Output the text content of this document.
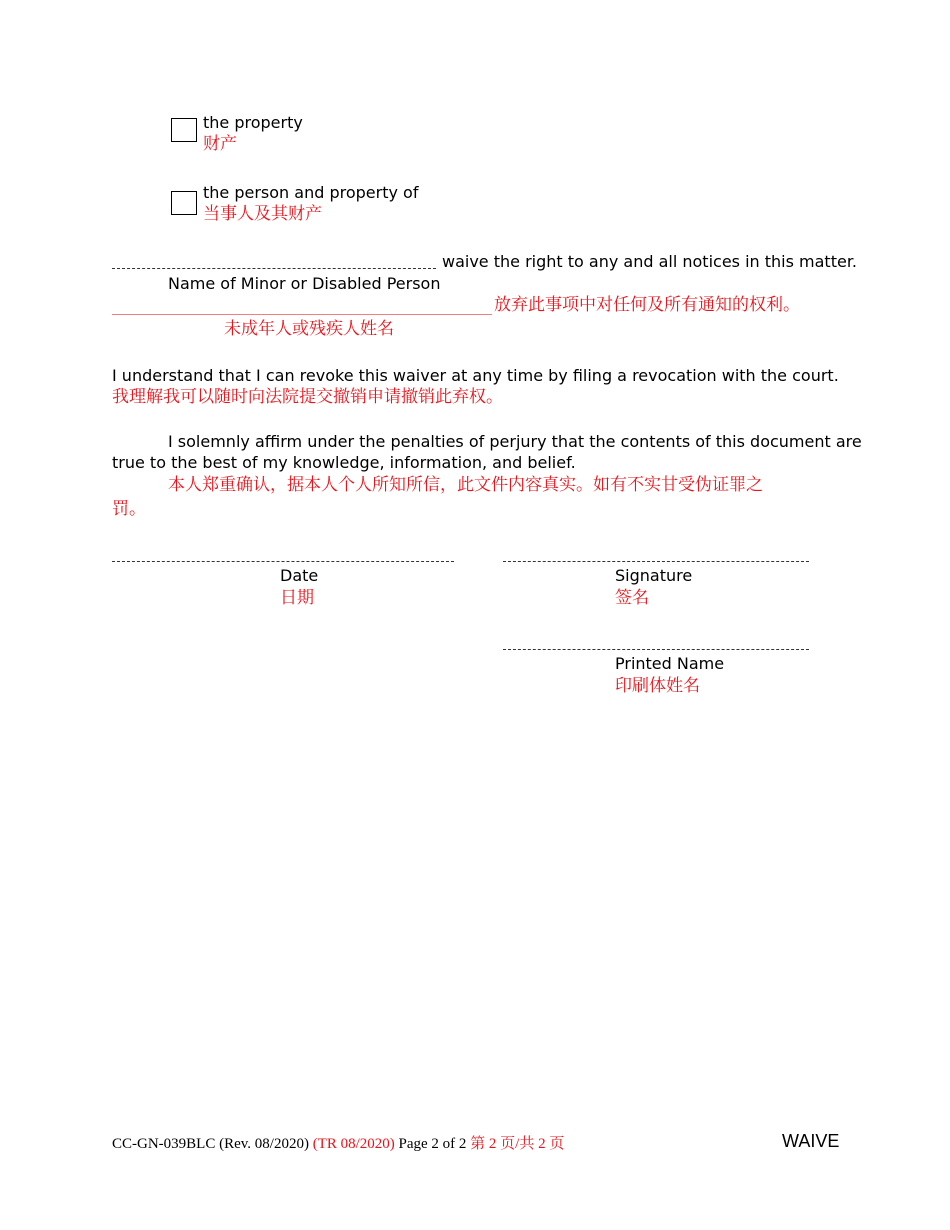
the property
财产
the person and property of
当事人及其财产
waive the right to any and all notices in this matter.
Name of Minor or Disabled Person
放弃此事项中对任何及所有通知的权利。
未成年人或残疾人姓名
I understand that I can revoke this waiver at any time by filing a revocation with the court.
我理解我可以随时向法院提交撤销申请撤销此弃权。
I solemnly affirm under the penalties of perjury that the contents of this document are
true to the best of my knowledge, information, and belief.
本人郑重确认，据本人个人所知所信，此文件内容真实。如有不实甘受伪证罪之
罚。
Date
日期
Signature
签名
Printed Name
印刷体姓名
CC-GN-039BLC (Rev. 08/2020) (TR 08/2020) Page 2 of 2 第 2 页/共 2 页	WAIVE
